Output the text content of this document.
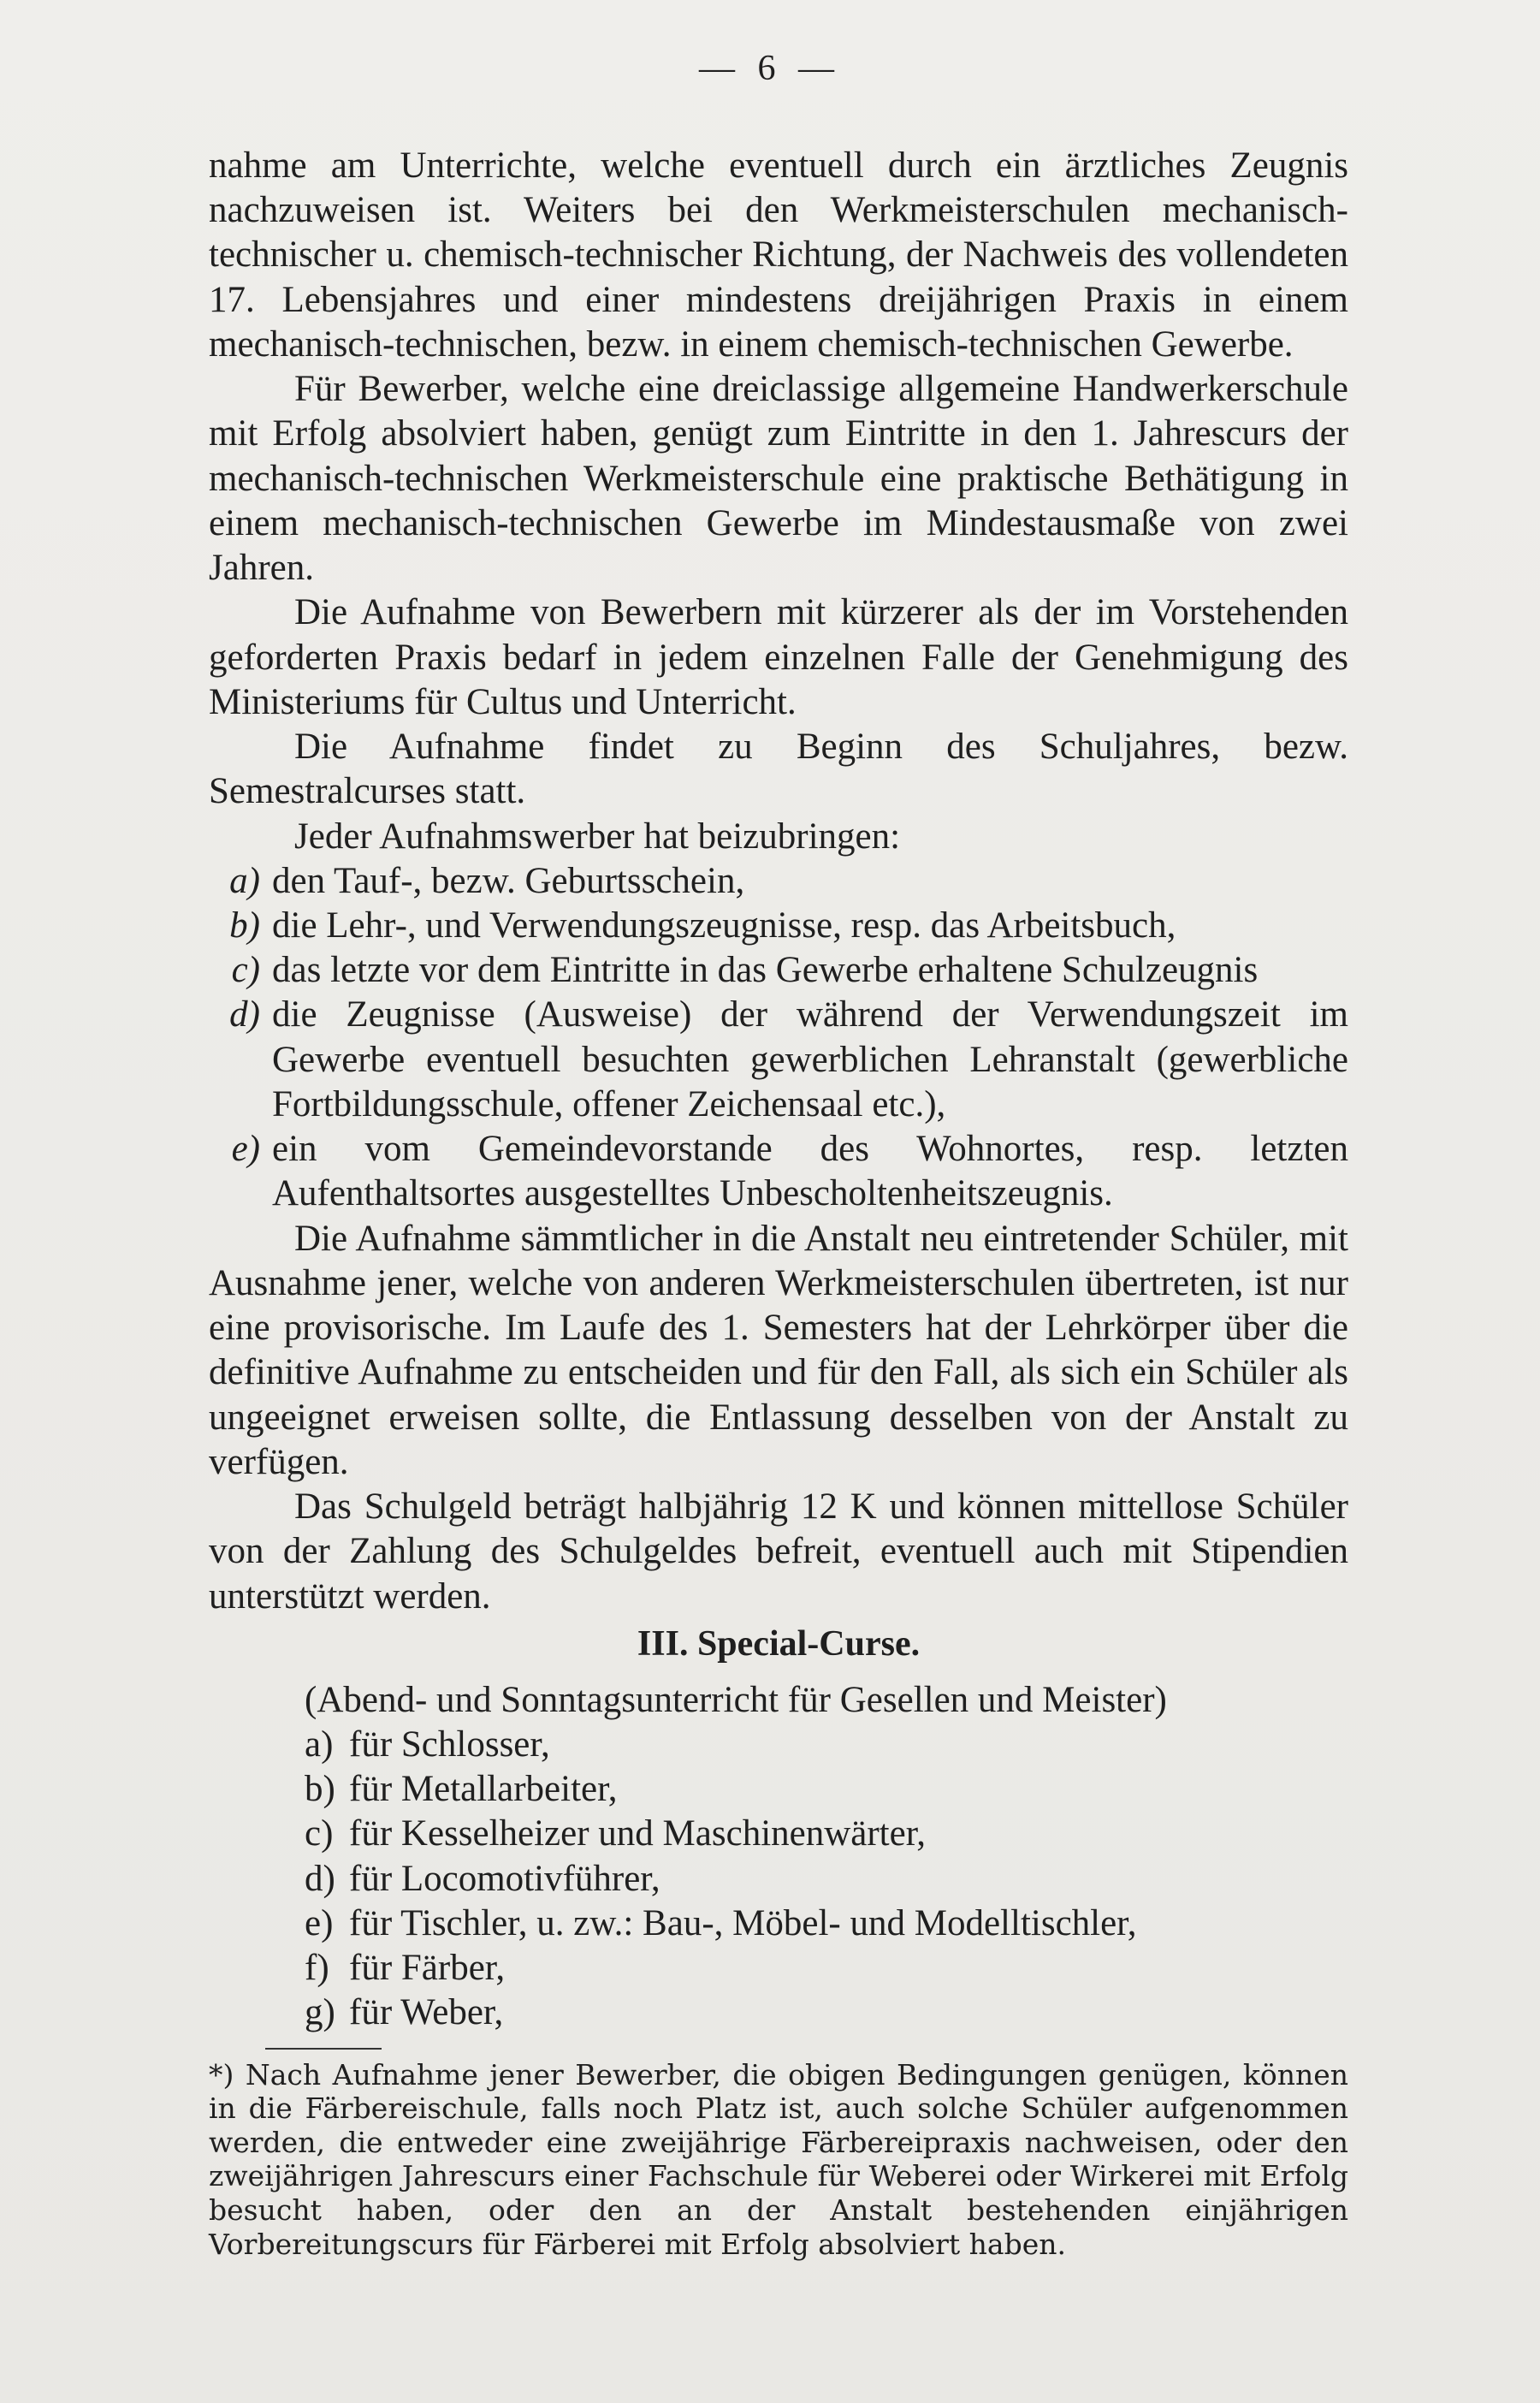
— 6 —

nahme am Unterrichte, welche eventuell durch ein ärztliches Zeugnis nachzuweisen ist. Weiters bei den Werkmeisterschulen mechanisch-technischer u. chemisch-technischer Richtung, der Nachweis des vollendeten 17. Lebensjahres und einer mindestens dreijährigen Praxis in einem mechanisch-technischen, bezw. in einem chemisch-technischen Gewerbe.

Für Bewerber, welche eine dreiclassige allgemeine Handwerkerschule mit Erfolg absolviert haben, genügt zum Eintritte in den 1. Jahrescurs der mechanisch-technischen Werkmeisterschule eine praktische Bethätigung in einem mechanisch-technischen Gewerbe im Mindestausmaße von zwei Jahren.

Die Aufnahme von Bewerbern mit kürzerer als der im Vorstehenden geforderten Praxis bedarf in jedem einzelnen Falle der Genehmigung des Ministeriums für Cultus und Unterricht.

Die Aufnahme findet zu Beginn des Schuljahres, bezw. Semestralcurses statt.

Jeder Aufnahmswerber hat beizubringen:

a) den Tauf-, bezw. Geburtsschein,
b) die Lehr-, und Verwendungszeugnisse, resp. das Arbeitsbuch,
c) das letzte vor dem Eintritte in das Gewerbe erhaltene Schulzeugnis
d) die Zeugnisse (Ausweise) der während der Verwendungszeit im Gewerbe eventuell besuchten gewerblichen Lehranstalt (gewerbliche Fortbildungsschule, offener Zeichensaal etc.),
e) ein vom Gemeindevorstande des Wohnortes, resp. letzten Aufenthaltsortes ausgestelltes Unbescholtenheitszeugnis.

Die Aufnahme sämmtlicher in die Anstalt neu eintretender Schüler, mit Ausnahme jener, welche von anderen Werkmeisterschulen übertreten, ist nur eine provisorische. Im Laufe des 1. Semesters hat der Lehrkörper über die definitive Aufnahme zu entscheiden und für den Fall, als sich ein Schüler als ungeeignet erweisen sollte, die Entlassung desselben von der Anstalt zu verfügen.

Das Schulgeld beträgt halbjährig 12 K und können mittellose Schüler von der Zahlung des Schulgeldes befreit, eventuell auch mit Stipendien unterstützt werden.

III. Special-Curse.
(Abend- und Sonntagsunterricht für Gesellen und Meister)
a) für Schlosser,
b) für Metallarbeiter,
c) für Kesselheizer und Maschinenwärter,
d) für Locomotivführer,
e) für Tischler, u. zw.: Bau-, Möbel- und Modelltischler,
f) für Färber,
g) für Weber,

*) Nach Aufnahme jener Bewerber, die obigen Bedingungen genügen, können in die Färbereischule, falls noch Platz ist, auch solche Schüler aufgenommen werden, die entweder eine zweijährige Färbereipraxis nachweisen, oder den zweijährigen Jahrescurs einer Fachschule für Weberei oder Wirkerei mit Erfolg besucht haben, oder den an der Anstalt bestehenden einjährigen Vorbereitungscurs für Färberei mit Erfolg absolviert haben.
